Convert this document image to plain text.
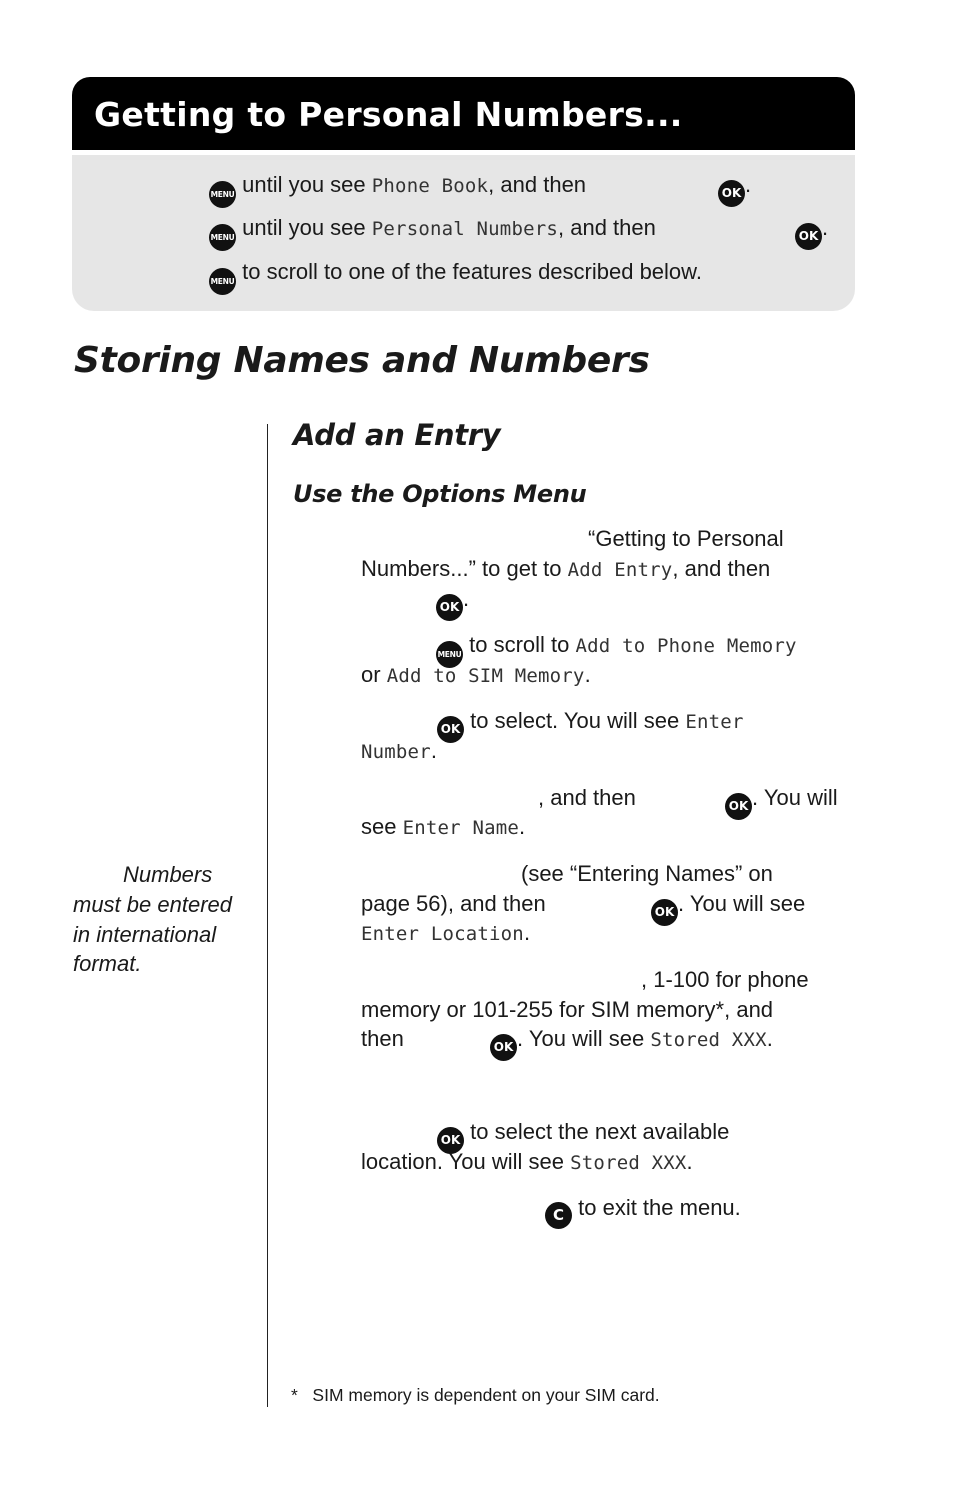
Getting to Personal Numbers...
MENU until you see Phone Book, and then	OK .
MENU until you see Personal Numbers, and then	OK .
MENU to scroll to one of the features described below.
Storing Names and Numbers
Add an Entry
Use the Options Menu
“Getting to Personal
Numbers...” to get to Add Entry, and then
OK .
MENU to scroll to Add to Phone Memory
or Add to SIM Memory.
OK to select. You will see Enter
Number.
, and then	OK . You will
see Enter Name.
(see “Entering Names” on
page 56), and then	OK . You will see
Enter Location.
, 1-100 for phone
memory or 101-255 for SIM memory*, and
then	OK . You will see Stored XXX.
OK to select the next available
location. You will see Stored XXX.
C to exit the menu.
Numbers must be entered in international format.
* SIM memory is dependent on your SIM card.
